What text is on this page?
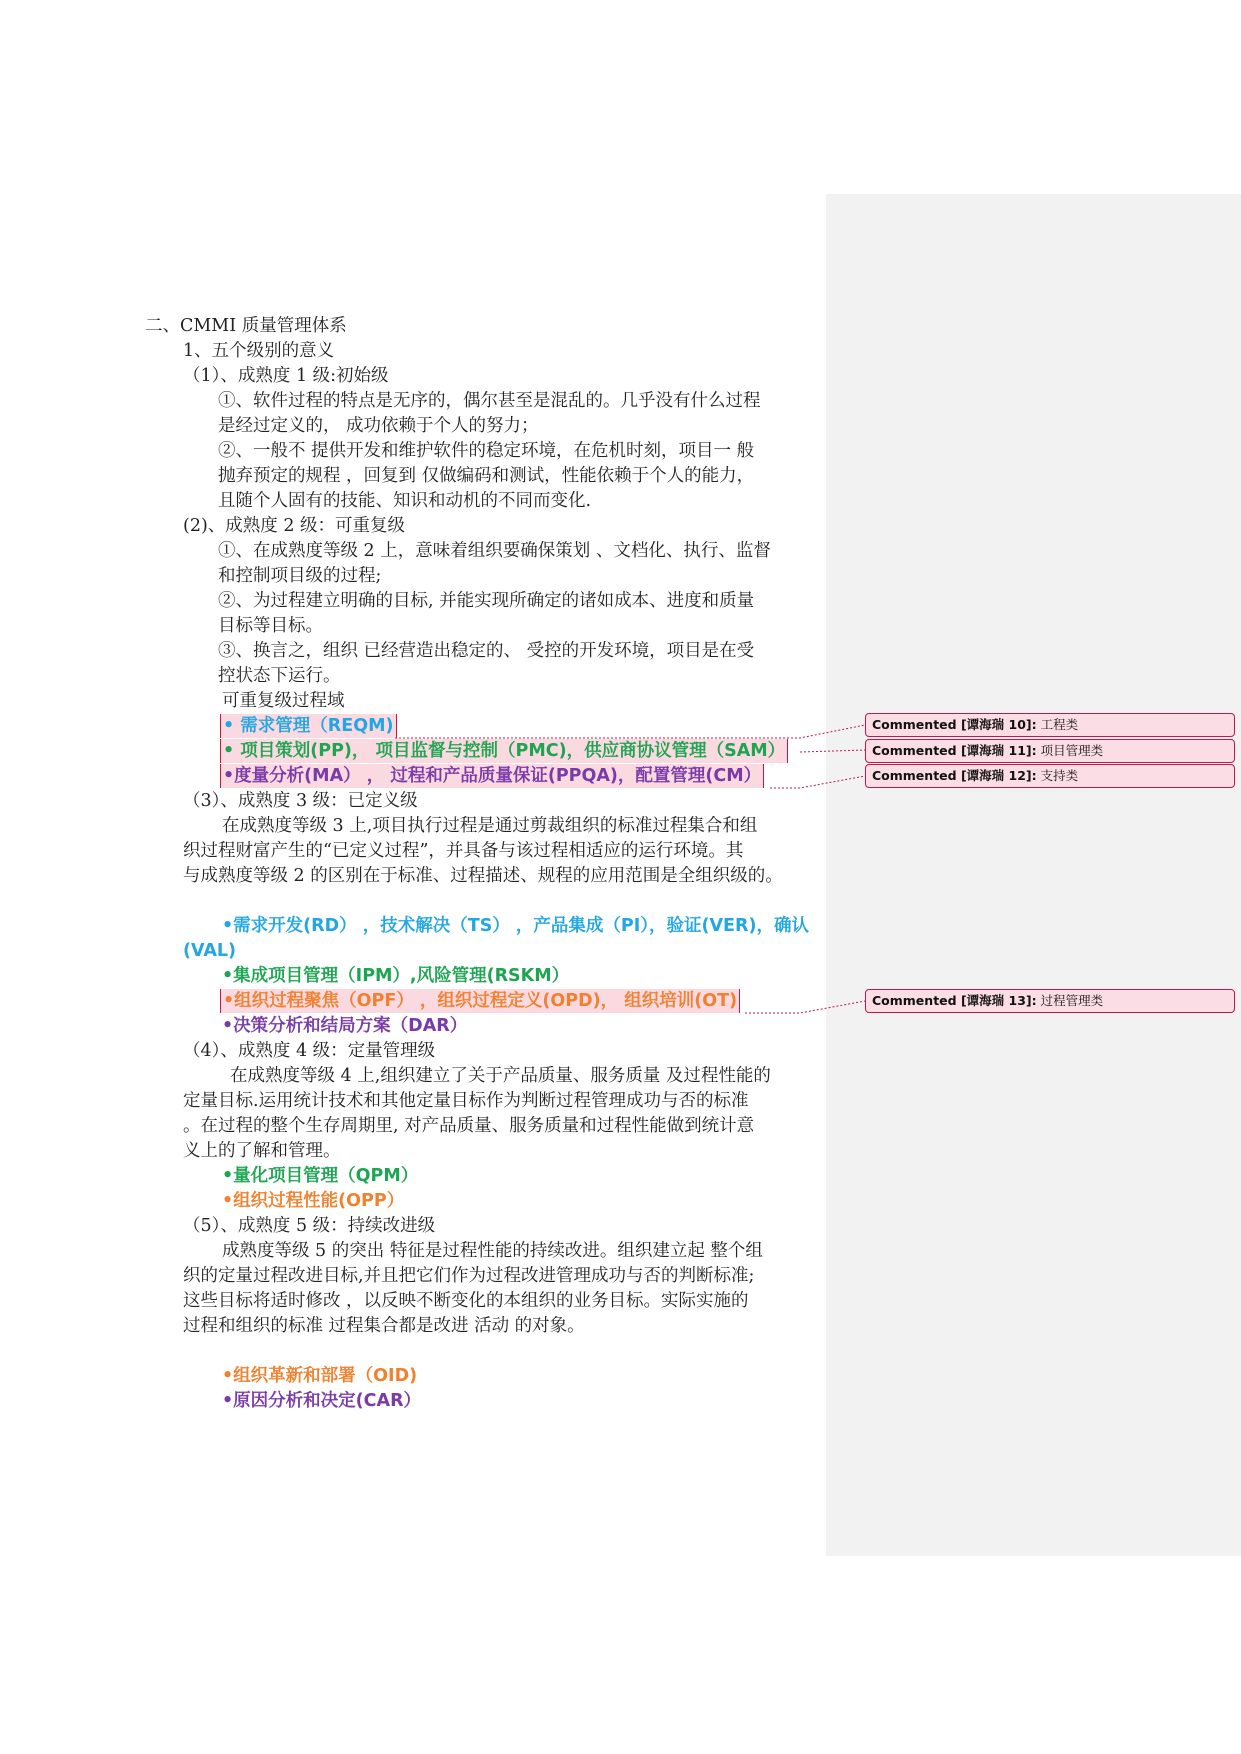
二、CMMI 质量管理体系
1、五个级别的意义
（1）、成熟度 1 级:初始级
①、软件过程的特点是无序的，偶尔甚至是混乱的。几乎没有什么过程
是经过定义的， 成功依赖于个人的努力；
②、一般不 提供开发和维护软件的稳定环境，在危机时刻，项目一 般
抛弃预定的规程 ，回复到 仅做编码和测试，性能依赖于个人的能力，
且随个人固有的技能、知识和动机的不同而变化.
(2)、成熟度 2 级：可重复级
①、在成熟度等级 2 上，意味着组织要确保策划 、文档化、执行、监督
和控制项目级的过程;
②、为过程建立明确的目标, 并能实现所确定的诸如成本、进度和质量
目标等目标。
③、换言之，组织 已经营造出稳定的、 受控的开发环境，项目是在受
控状态下运行。
可重复级过程域
• 需求管理（REQM)
• 项目策划(PP)， 项目监督与控制（PMC)，供应商协议管理（SAM）
•度量分析(MA） ， 过程和产品质量保证(PPQA)，配置管理(CM）
（3）、成熟度 3 级：已定义级
在成熟度等级 3 上,项目执行过程是通过剪裁组织的标准过程集合和组
织过程财富产生的“已定义过程”，并具备与该过程相适应的运行环境。其
与成熟度等级 2 的区别在于标准、过程描述、规程的应用范围是全组织级的。
•需求开发(RD） ，技术解决（TS） ，产品集成（PI），验证(VER)，确认
(VAL)
•集成项目管理（IPM）,风险管理(RSKM）
•组织过程聚焦（OPF） ，组织过程定义(OPD)， 组织培训(OT)
•决策分析和结局方案（DAR）
（4）、成熟度 4 级：定量管理级
在成熟度等级 4 上,组织建立了关于产品质量、服务质量 及过程性能的
定量目标.运用统计技术和其他定量目标作为判断过程管理成功与否的标准
。在过程的整个生存周期里, 对产品质量、服务质量和过程性能做到统计意
义上的了解和管理。
•量化项目管理（QPM）
•组织过程性能(OPP）
（5）、成熟度 5 级：持续改进级
成熟度等级 5 的突出 特征是过程性能的持续改进。组织建立起 整个组
织的定量过程改进目标,并且把它们作为过程改进管理成功与否的判断标准;
这些目标将适时修改 ，以反映不断变化的本组织的业务目标。实际实施的
过程和组织的标准 过程集合都是改进 活动 的对象。
•组织革新和部署（OID)
•原因分析和决定(CAR）
Commented [谭海瑞 10]: 工程类
Commented [谭海瑞 11]: 项目管理类
Commented [谭海瑞 12]: 支持类
Commented [谭海瑞 13]: 过程管理类
